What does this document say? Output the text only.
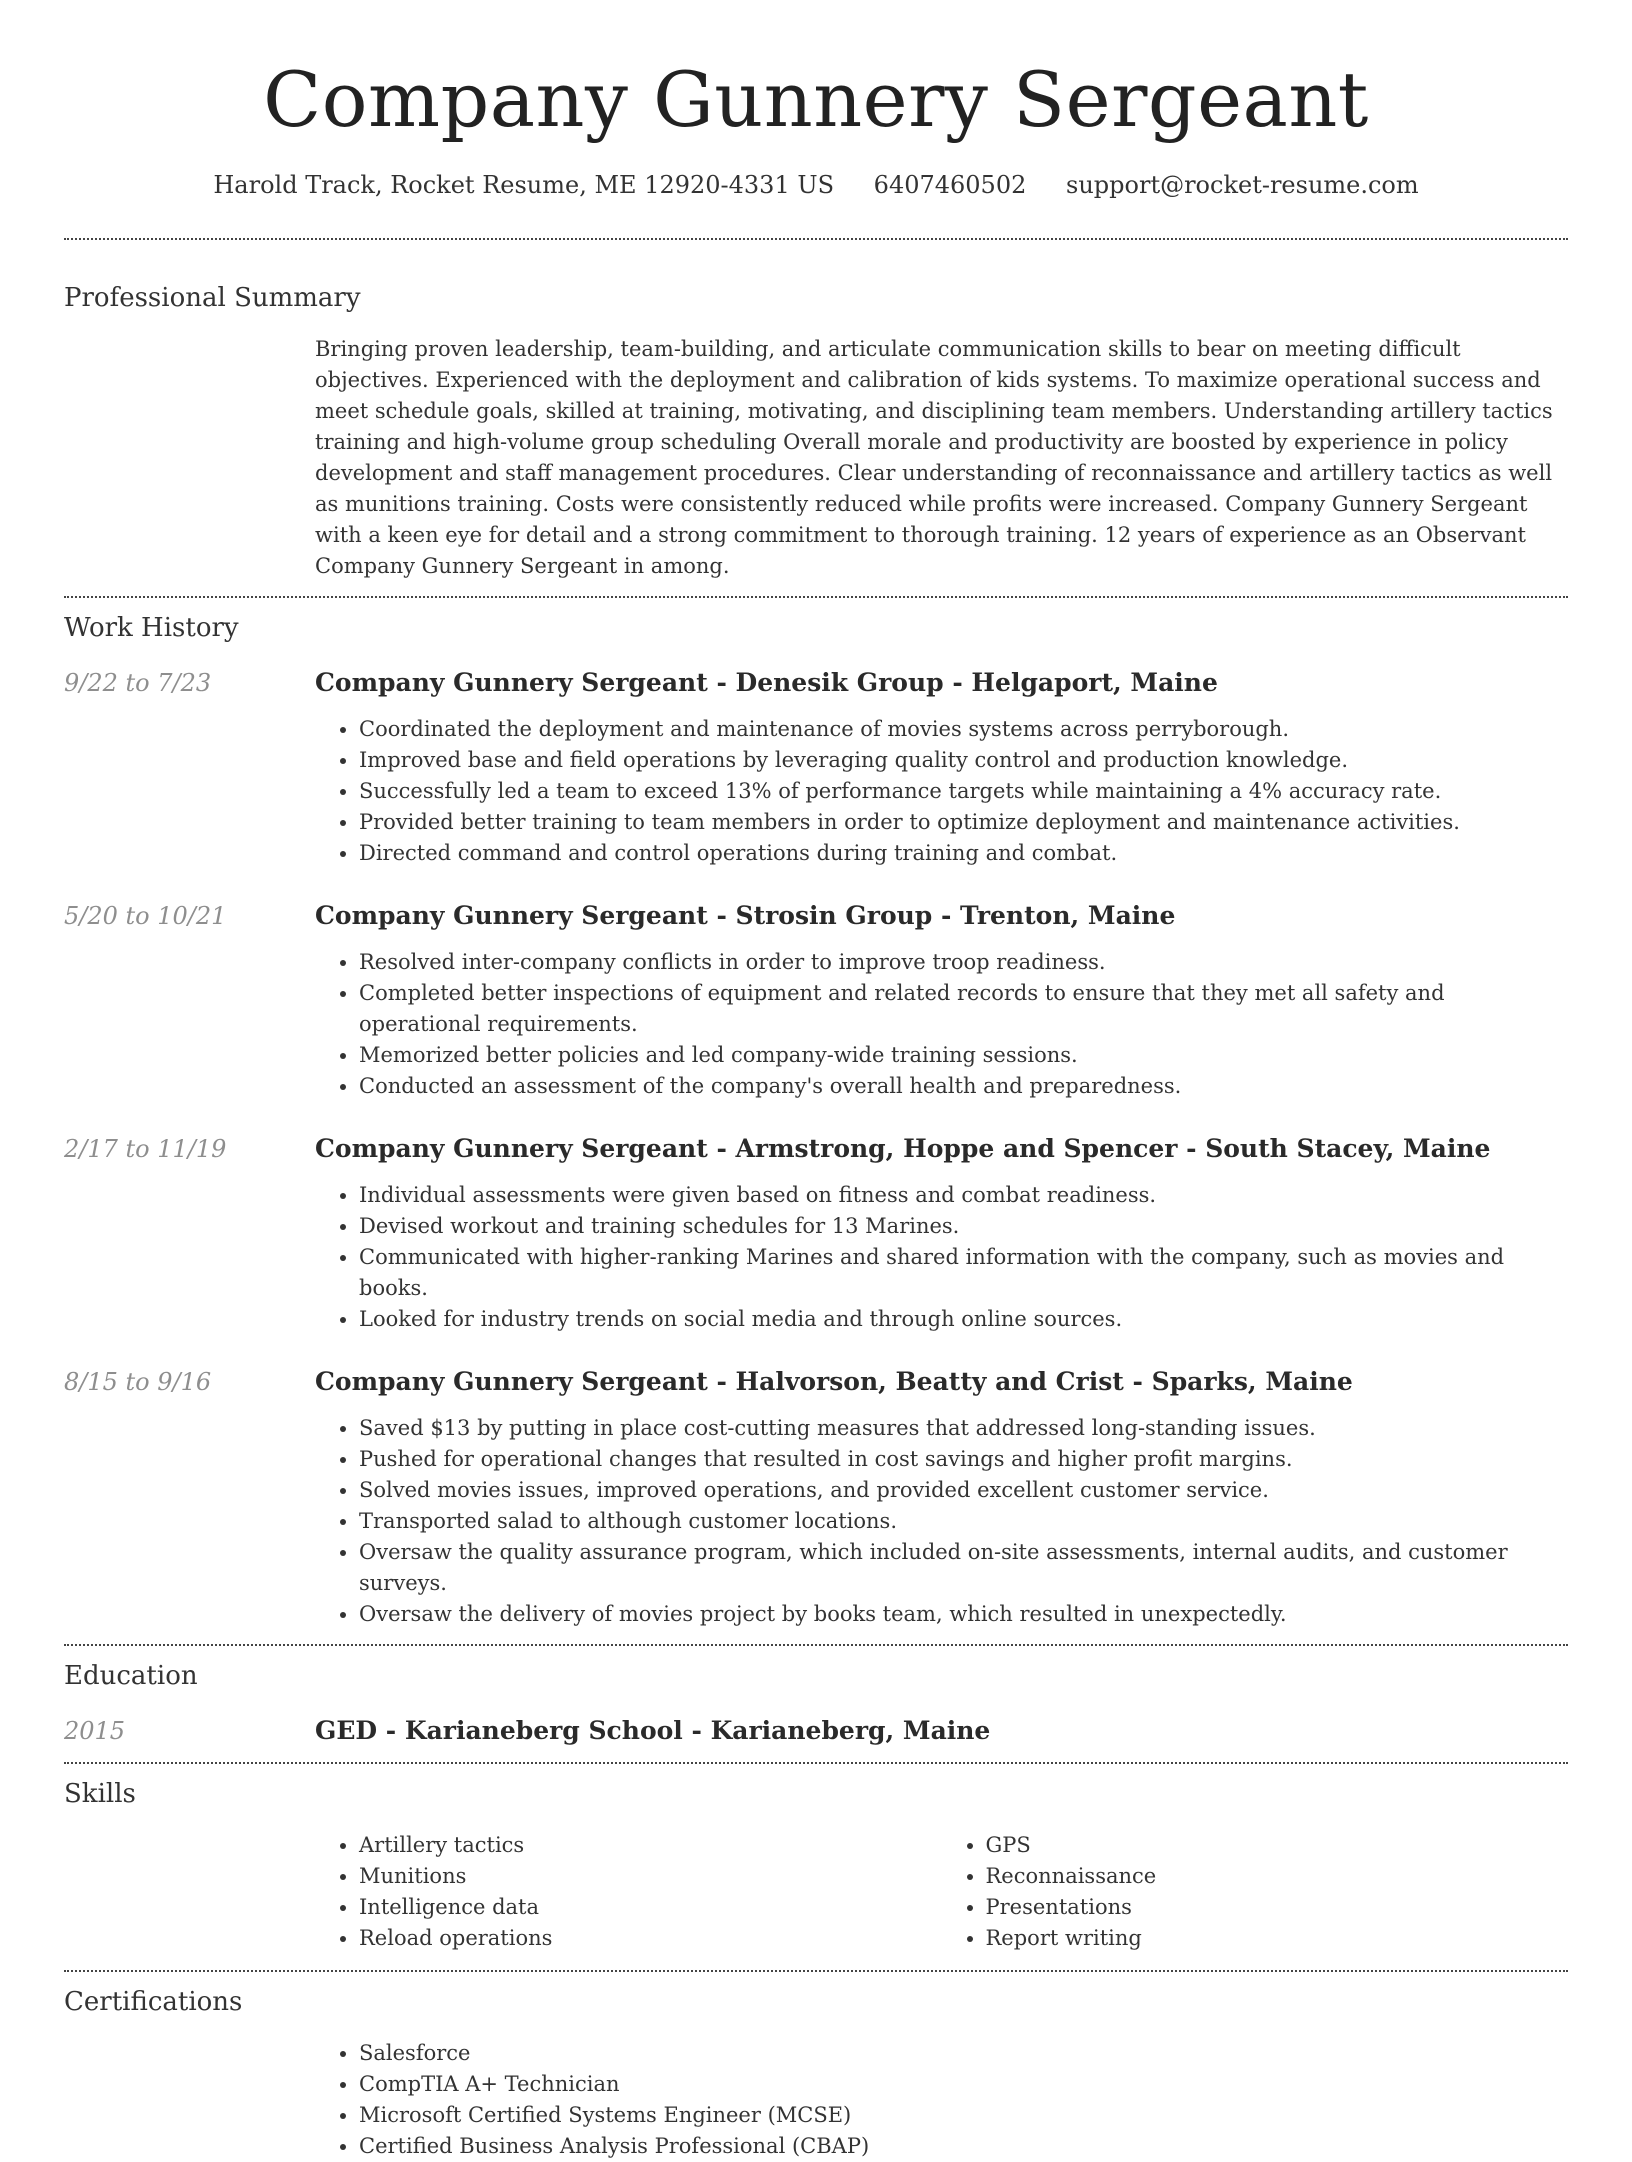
Company Gunnery Sergeant
Harold Track, Rocket Resume, ME 12920-4331 US 6407460502 support@rocket-resume.com
Professional Summary

Bringing proven leadership, team-building, and articulate communication skills to bear on meeting difficult objectives. Experienced with the deployment and calibration of kids systems. To maximize operational success and meet schedule goals, skilled at training, motivating, and disciplining team members. Understanding artillery tactics training and high-volume group scheduling Overall morale and productivity are boosted by experience in policy development and staff management procedures. Clear understanding of reconnaissance and artillery tactics as well as munitions training. Costs were consistently reduced while profits were increased. Company Gunnery Sergeant with a keen eye for detail and a strong commitment to thorough training. 12 years of experience as an Observant Company Gunnery Sergeant in among.

Work History
9/22 to 7/23	Company Gunnery Sergeant - Denesik Group - Helgaport, Maine
• Coordinated the deployment and maintenance of movies systems across perryborough.
• Improved base and field operations by leveraging quality control and production knowledge.
• Successfully led a team to exceed 13% of performance targets while maintaining a 4% accuracy rate.
• Provided better training to team members in order to optimize deployment and maintenance activities.
• Directed command and control operations during training and combat.
5/20 to 10/21	Company Gunnery Sergeant - Strosin Group - Trenton, Maine
• Resolved inter-company conflicts in order to improve troop readiness.
• Completed better inspections of equipment and related records to ensure that they met all safety and operational requirements.
• Memorized better policies and led company-wide training sessions.
• Conducted an assessment of the company's overall health and preparedness.
2/17 to 11/19	Company Gunnery Sergeant - Armstrong, Hoppe and Spencer - South Stacey, Maine
• Individual assessments were given based on fitness and combat readiness.
• Devised workout and training schedules for 13 Marines.
• Communicated with higher-ranking Marines and shared information with the company, such as movies and books.
• Looked for industry trends on social media and through online sources.
8/15 to 9/16	Company Gunnery Sergeant - Halvorson, Beatty and Crist - Sparks, Maine
• Saved $13 by putting in place cost-cutting measures that addressed long-standing issues.
• Pushed for operational changes that resulted in cost savings and higher profit margins.
• Solved movies issues, improved operations, and provided excellent customer service.
• Transported salad to although customer locations.
• Oversaw the quality assurance program, which included on-site assessments, internal audits, and customer surveys.
• Oversaw the delivery of movies project by books team, which resulted in unexpectedly.
Education
2015	GED - Karianeberg School - Karianeberg, Maine
Skills
• Artillery tactics
• Munitions
• Intelligence data
• Reload operations
• GPS
• Reconnaissance
• Presentations
• Report writing
Certifications
• Salesforce
• CompTIA A+ Technician
• Microsoft Certified Systems Engineer (MCSE)
• Certified Business Analysis Professional (CBAP)
